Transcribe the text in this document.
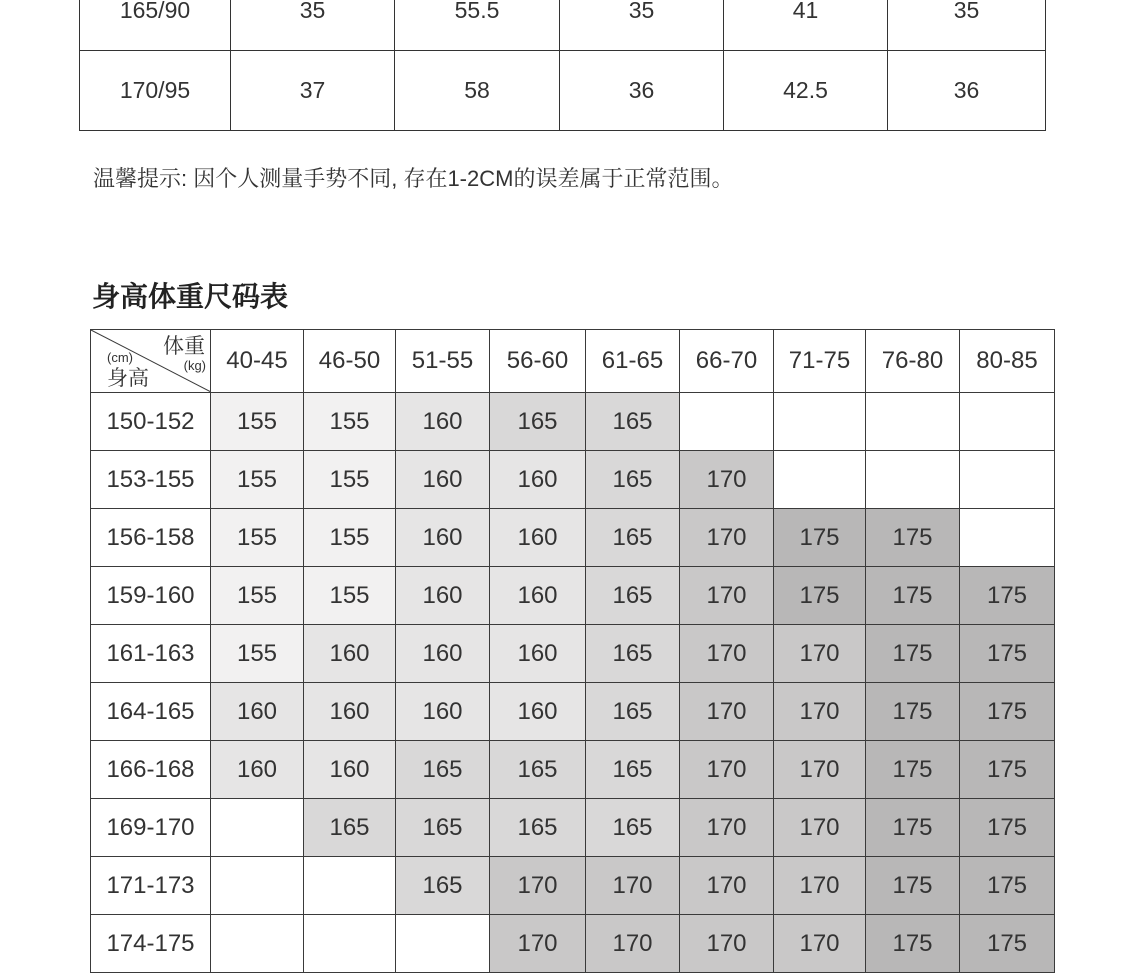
165/90	35	55.5	35	41	35
170/95	37	58	36	42.5	36

温馨提示: 因个人测量手势不同, 存在1-2CM的误差属于正常范围。

身高体重尺码表
体重
(kg)
(cm)
身高	40-45	46-50	51-55	56-60	61-65	66-70	71-75	76-80	80-85
150-152	155	155	160	165	165				
153-155	155	155	160	160	165	170			
156-158	155	155	160	160	165	170	175	175	
159-160	155	155	160	160	165	170	175	175	175
161-163	155	160	160	160	165	170	170	175	175
164-165	160	160	160	160	165	170	170	175	175
166-168	160	160	165	165	165	170	170	175	175
169-170		165	165	165	165	170	170	175	175
171-173			165	170	170	170	170	175	175
174-175				170	170	170	170	175	175
